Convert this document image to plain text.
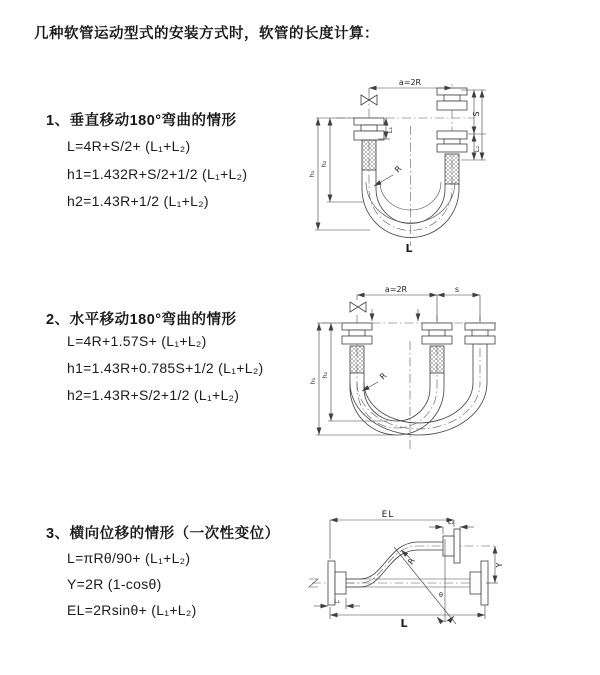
几种软管运动型式的安装方式时，软管的长度计算：
1、垂直移动180°弯曲的情形
L=4R+S/2+ (L₁+L₂)
h1=1.432R+S/2+1/2 (L₁+L₂)
h2=1.43R+1/2 (L₁+L₂)
2、水平移动180°弯曲的情形
L=4R+1.57S+ (L₁+L₂)
h1=1.43R+0.785S+1/2 (L₁+L₂)
h2=1.43R+S/2+1/2 (L₁+L₂)
3、横向位移的情形（一次性变位）
L=πRθ/90+ (L₁+L₂)
Y=2R (1-cosθ)
EL=2Rsinθ+ (L₁+L₂)
a=2R
S
L₂
h₁
h₂
L₁
R
L
a=2R	s
h₁
h₂	R
θ
EL
L₂
Y
L
L₁
R
